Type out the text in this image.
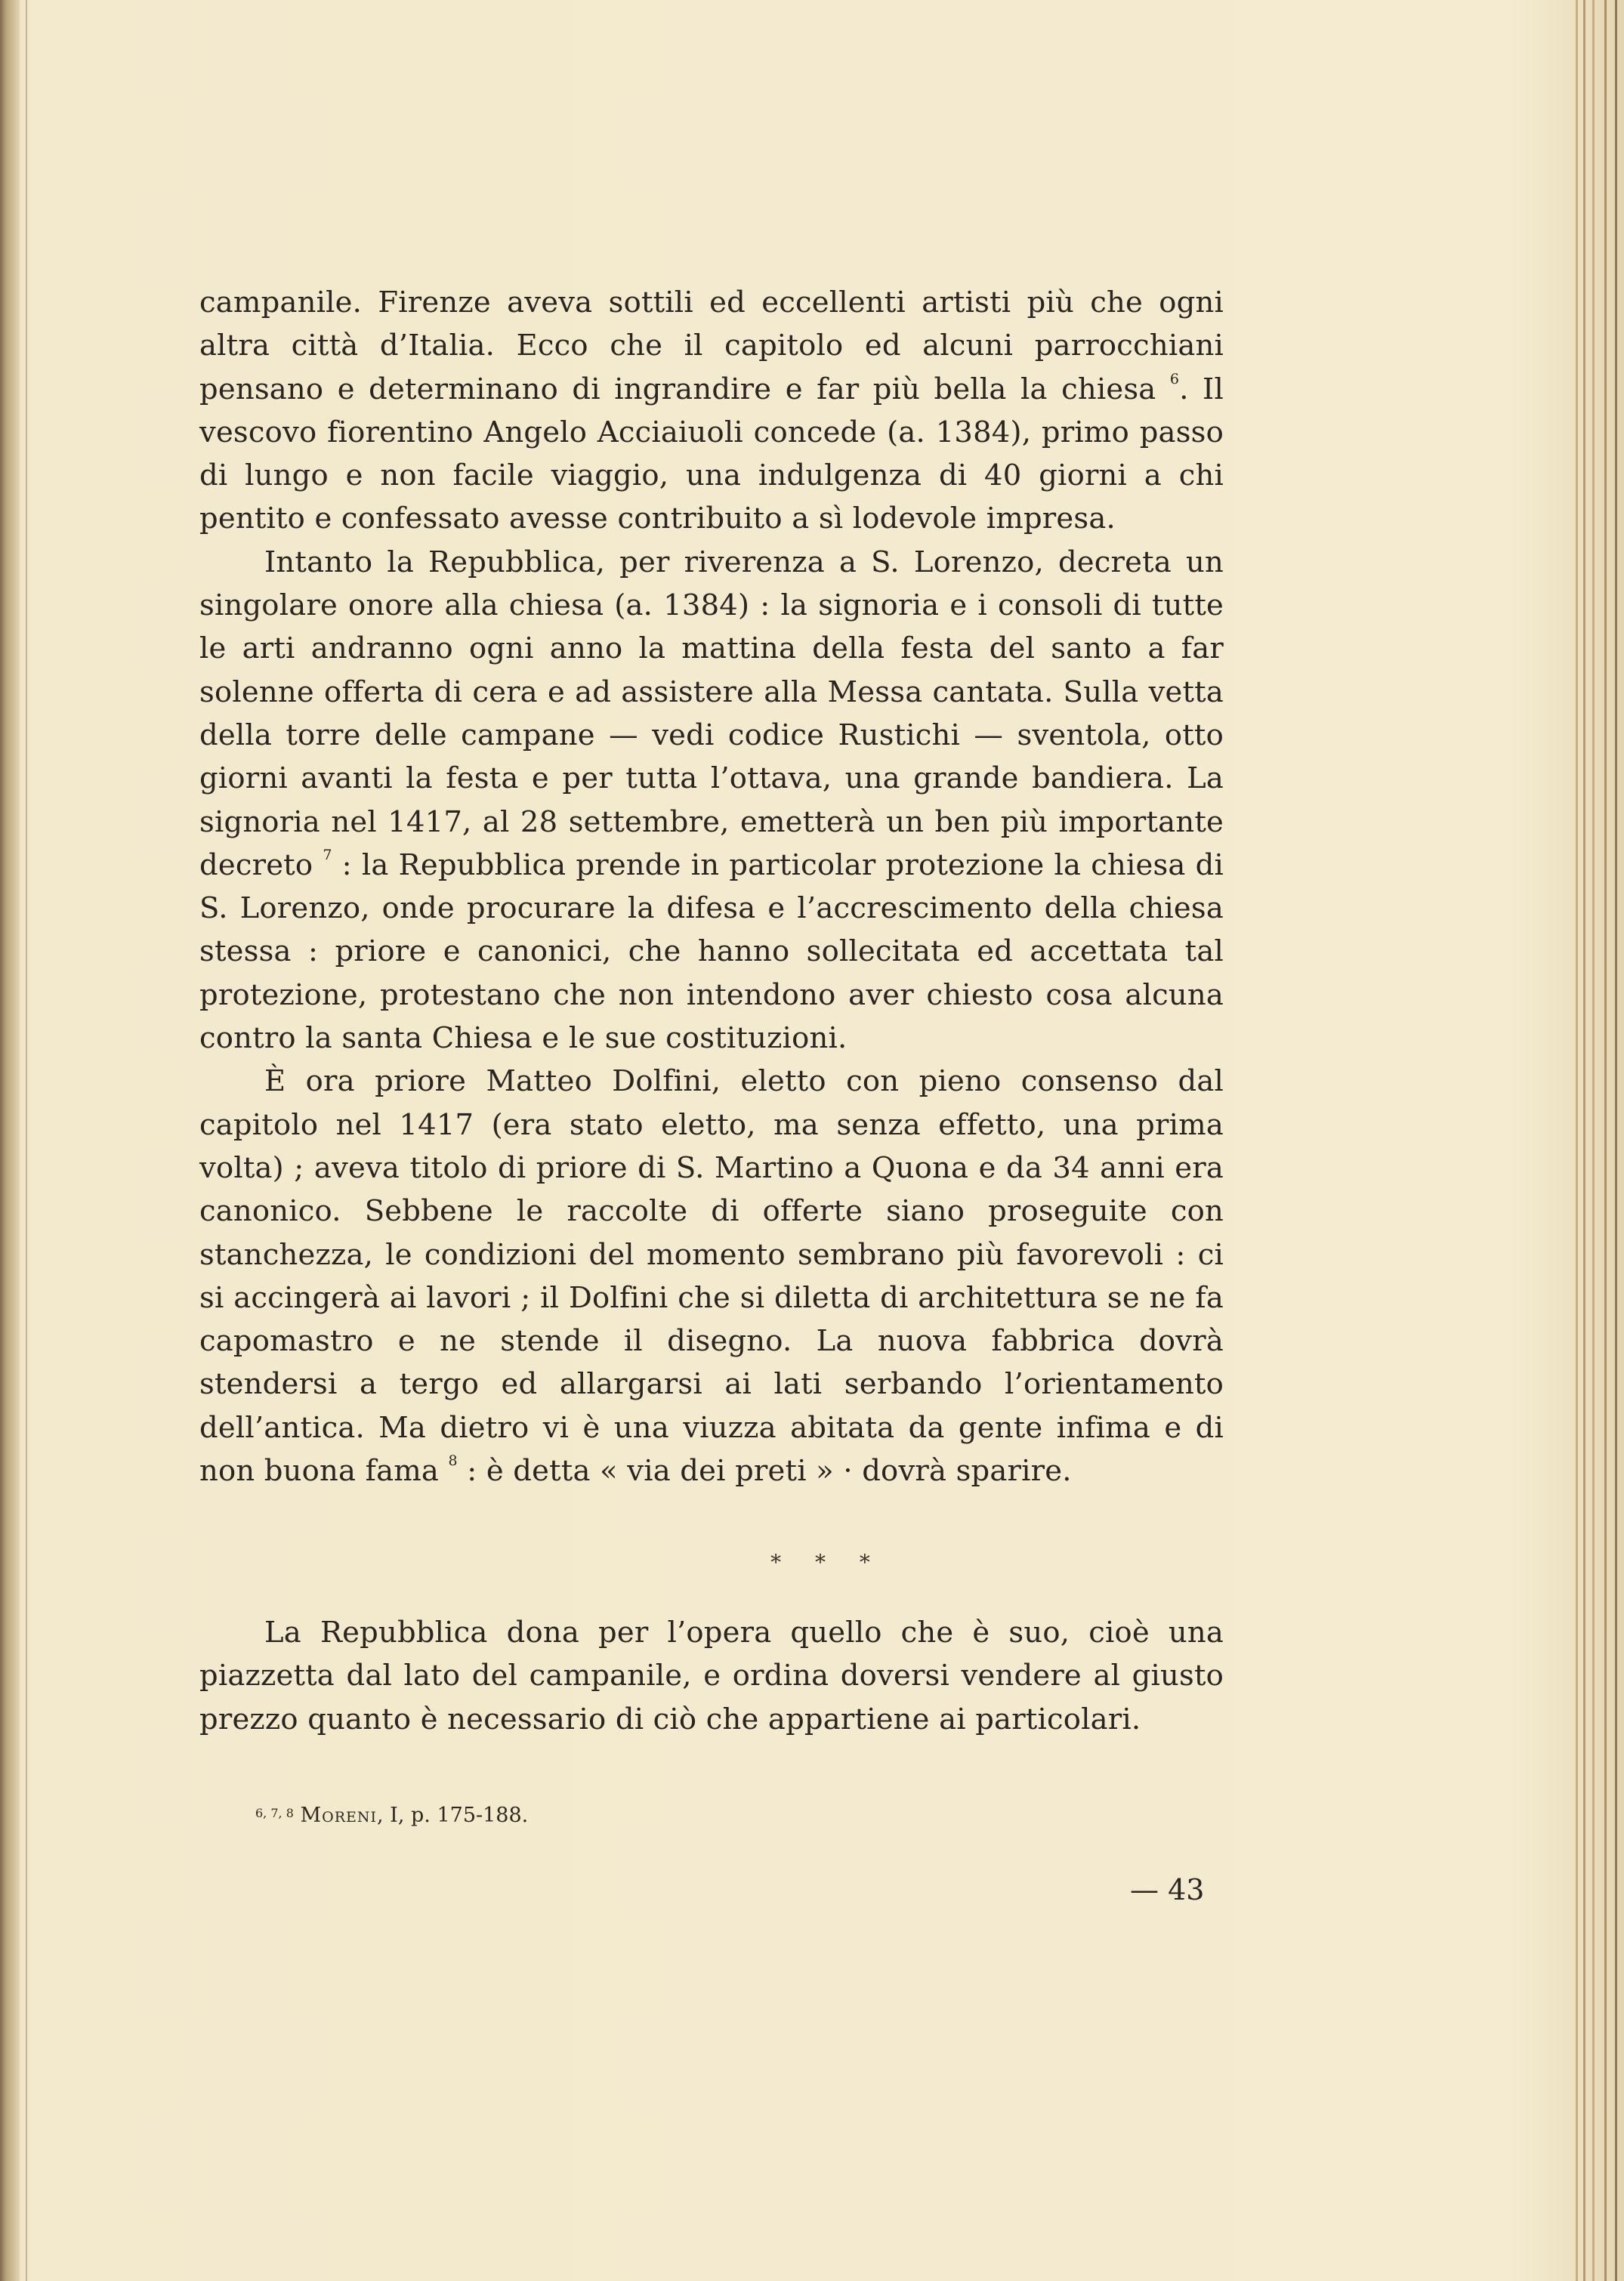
campanile. Firenze aveva sottili ed eccellenti artisti più che ogni altra città d’Italia. Ecco che il capitolo ed alcuni parrocchiani pensano e determinano di ingrandire e far più bella la chiesa $^6$. Il vescovo fiorentino Angelo Acciaiuoli concede (a. 1384), primo passo di lungo e non facile viaggio, una indulgenza di 40 giorni a chi pentito e confessato avesse contribuito a sì lodevole impresa.

Intanto la Repubblica, per riverenza a S. Lorenzo, decreta un singolare onore alla chiesa (a. 1384) : la signoria e i consoli di tutte le arti andranno ogni anno la mattina della festa del santo a far solenne offerta di cera e ad assistere alla Messa cantata. Sulla vetta della torre delle campane — vedi codice Rustichi — sventola, otto giorni avanti la festa e per tutta l’ottava, una grande bandiera. La signoria nel 1417, al 28 settembre, emetterà un ben più importante decreto $^7$ : la Repubblica prende in particolar protezione la chiesa di S. Lorenzo, onde procurare la difesa e l’accrescimento della chiesa stessa : priore e canonici, che hanno sollecitata ed accettata tal protezione, protestano che non intendono aver chiesto cosa alcuna contro la santa Chiesa e le sue costituzioni.

È ora priore Matteo Dolfini, eletto con pieno consenso dal capitolo nel 1417 (era stato eletto, ma senza effetto, una prima volta) ; aveva titolo di priore di S. Martino a Quona e da 34 anni era canonico. Sebbene le raccolte di offerte siano proseguite con stanchezza, le condizioni del momento sembrano più favorevoli : ci si accingerà ai lavori ; il Dolfini che si diletta di architettura se ne fa capomastro e ne stende il disegno. La nuova fabbrica dovrà stendersi a tergo ed allargarsi ai lati serbando l’orientamento dell’antica. Ma dietro vi è una viuzza abitata da gente infima e di non buona fama $^8$ : è detta « via dei preti » · dovrà sparire.

* * *

La Repubblica dona per l’opera quello che è suo, cioè una piazzetta dal lato del campanile, e ordina doversi vendere al giusto prezzo quanto è necessario di ciò che appartiene ai particolari.

$^{6, 7, 8}$ Moreni, I, p. 175-188.
— 43
